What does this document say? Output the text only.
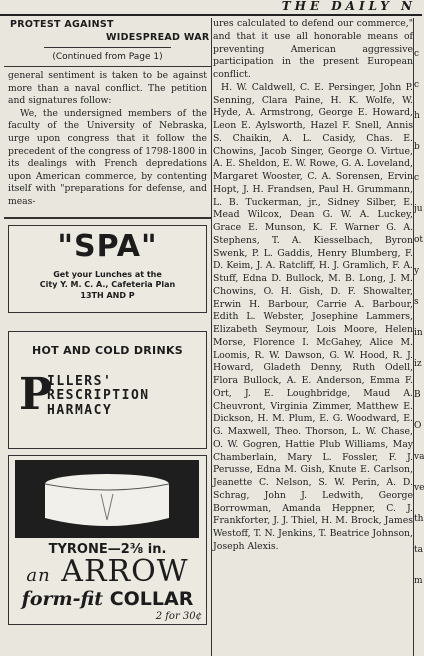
THE DAILY N
PROTEST AGAINST
WIDESPREAD WAR
(Continued from Page 1)

general sentiment is taken to be against more than a naval conflict. The petition and signatures follow:

We, the undersigned members of the faculty of the University of Nebraska, urge upon congress that it follow the precedent of the congress of 1798-1800 in its dealings with French depredations upon American commerce, by contenting itself with "preparations for defense, and meas-

"SPA"
Get your Lunches at the
City Y. M. C. A., Cafeteria Plan
13TH AND P
HOT AND COLD DRINKS
P
ILLERS'
RESCRIPTION
HARMACY
TYRONE—2⅜ in.
an ARROW
form-fit COLLAR
2 for 30¢

ures calculated to defend our commerce," and that it use all honorable means of preventing American aggressive participation in the present European conflict.

H. W. Caldwell, C. E. Persinger, John P. Senning, Clara Paine, H. K. Wolfe, W. Hyde, A. Armstrong, George E. Howard, Leon E. Aylsworth, Hazel F. Snell, Annis S. Chaikin, A. L. Casidy, Chas. E. Chowins, Jacob Singer, George O. Virtue, A. E. Sheldon, E. W. Rowe, G. A. Loveland, Margaret Wooster, C. A. Sorensen, Ervin Hopt, J. H. Frandsen, Paul H. Grummann, L. B. Tuckerman, jr., Sidney Silber, E. Mead Wilcox, Dean G. W. A. Luckey, Grace E. Munson, K. F. Warner G. A. Stephens, T. A. Kiesselbach, Byron Swenk, P. L. Gaddis, Henry Blumberg, F. D. Keim, J. A. Ratcliff, H. J. Gramlich, F. A. Stuff, Edna D. Bullock, M. B. Long, J. M. Chowins, O. H. Gish, D. F. Showalter, Erwin H. Barbour, Carrie A. Barbour, Edith L. Webster, Josephine Lammers, Elizabeth Seymour, Lois Moore, Helen Morse, Florence I. McGahey, Alice M. Loomis, R. W. Dawson, G. W. Hood, R. J. Howard, Gladeth Denny, Ruth Odell, Flora Bullock, A. E. Anderson, Emma F. Ort, J. E. Loughbridge, Maud A. Cheuvront, Virginia Zimmer, Matthew E. Dickson, H. M. Plum, E. G. Woodward, E. G. Maxwell, Theo. Thorson, L. W. Chase, O. W. Gogren, Hattie Plub Williams, May Chamberlain, Mary L. Fossler, F. J. Perusse, Edna M. Gish, Knute E. Carlson, Jeanette C. Nelson, S. W. Perin, A. D. Schrag, John J. Ledwith, George Borrowman, Amanda Heppner, C. J. Frankforter, J. J. Thiel, H. M. Brock, James Westoff, T. N. Jenkins, T. Beatrice Johnson, Joseph Alexis.

c
c
h
b
c
ju
ot
y
s
in
iz
B
O
va
ve
th
ta
m
